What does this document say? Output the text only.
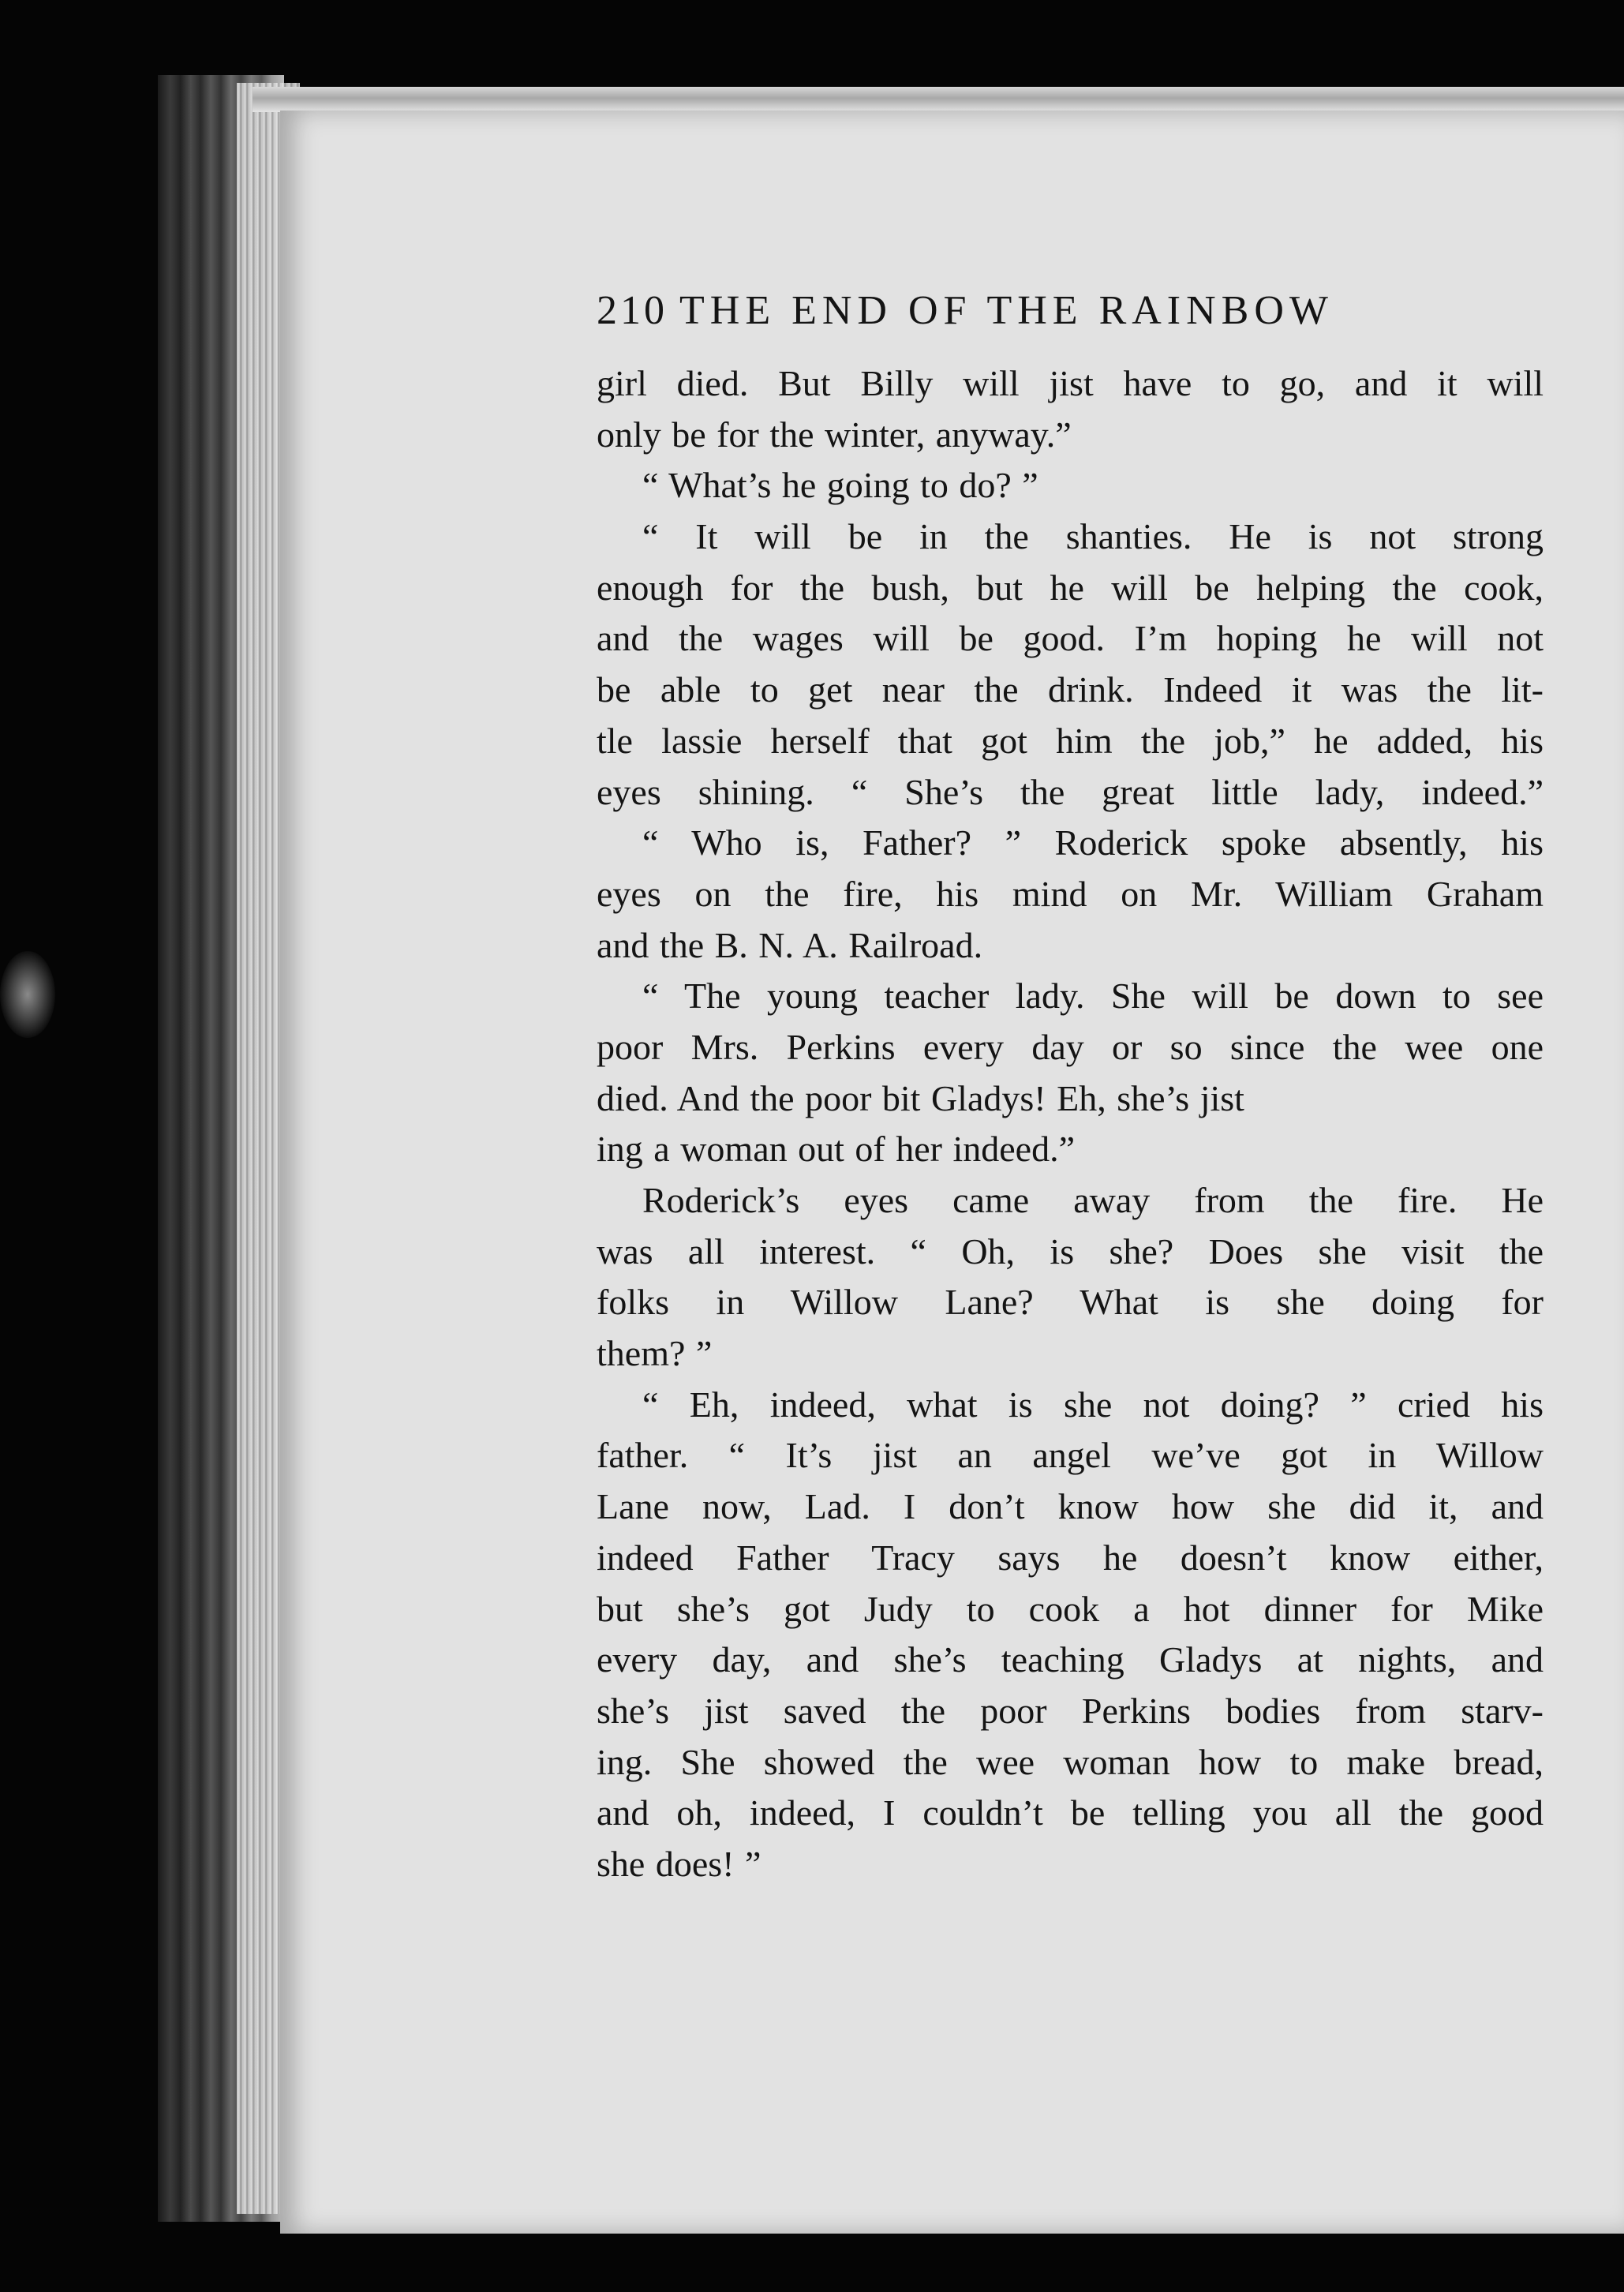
210 THE END OF THE RAINBOW
girl died. But Billy will jist have to go, and it will
only be for the winter, anyway.”
“ What’s he going to do? ”
“ It will be in the shanties. He is not strong
enough for the bush, but he will be helping the cook,
and the wages will be good. I’m hoping he will not
be able to get near the drink. Indeed it was the lit-
tle lassie herself that got him the job,” he added, his
eyes shining. “ She’s the great little lady, indeed.”
“ Who is, Father? ” Roderick spoke absently, his
eyes on the fire, his mind on Mr. William Graham
and the B. N. A. Railroad.
“ The young teacher lady. She will be down to see
poor Mrs. Perkins every day or so since the wee one
died. And the poor bit Gladys! Eh, she’s jist
ing a woman out of her indeed.”
Roderick’s eyes came away from the fire. He
was all interest. “ Oh, is she? Does she visit the
folks in Willow Lane? What is she doing for
them? ”
“ Eh, indeed, what is she not doing? ” cried his
father. “ It’s jist an angel we’ve got in Willow
Lane now, Lad. I don’t know how she did it, and
indeed Father Tracy says he doesn’t know either,
but she’s got Judy to cook a hot dinner for Mike
every day, and she’s teaching Gladys at nights, and
she’s jist saved the poor Perkins bodies from starv-
ing. She showed the wee woman how to make bread,
and oh, indeed, I couldn’t be telling you all the good
she does! ”
